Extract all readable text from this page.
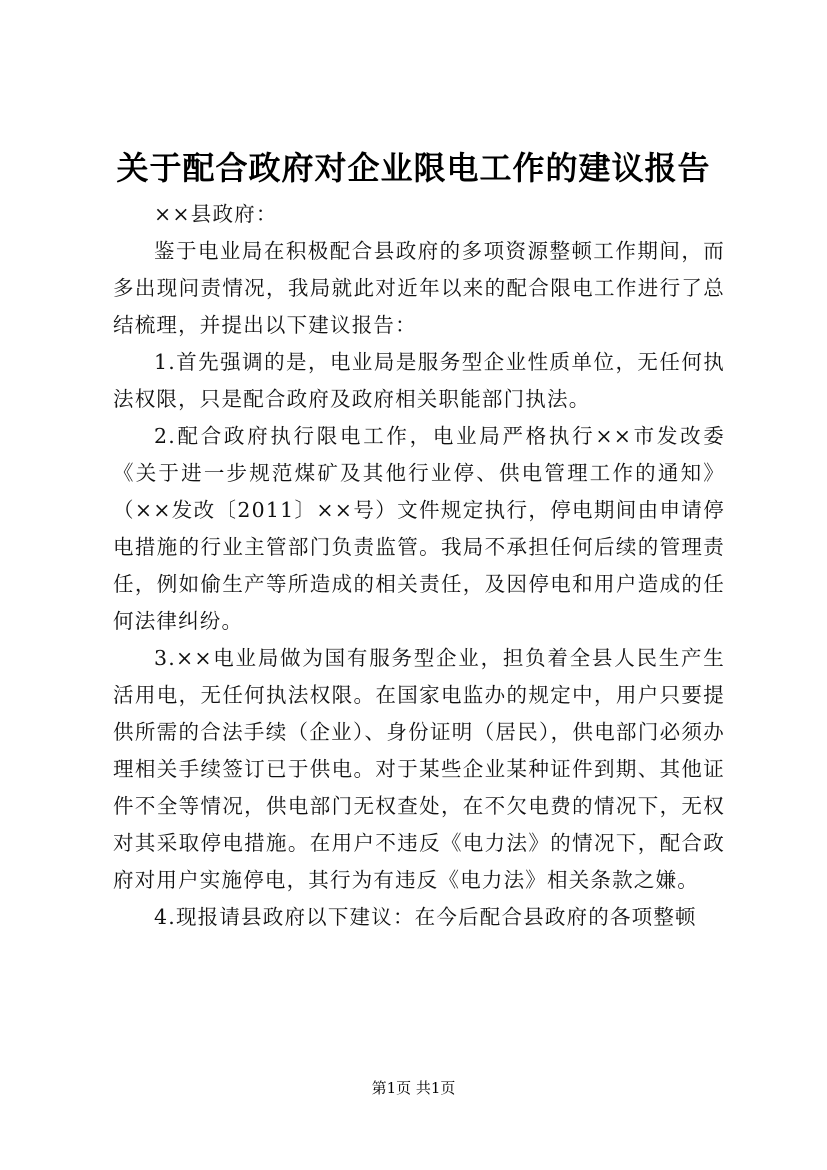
关于配合政府对企业限电工作的建议报告

××县政府：

鉴于电业局在积极配合县政府的多项资源整顿工作期间，而多出现问责情况，我局就此对近年以来的配合限电工作进行了总结梳理，并提出以下建议报告：

1.首先强调的是，电业局是服务型企业性质单位，无任何执法权限，只是配合政府及政府相关职能部门执法。

2.配合政府执行限电工作，电业局严格执行××市发改委《关于进一步规范煤矿及其他行业停、供电管理工作的通知》（××发改〔2011〕××号）文件规定执行，停电期间由申请停电措施的行业主管部门负责监管。我局不承担任何后续的管理责任，例如偷生产等所造成的相关责任，及因停电和用户造成的任何法律纠纷。

3.××电业局做为国有服务型企业，担负着全县人民生产生活用电，无任何执法权限。在国家电监办的规定中，用户只要提供所需的合法手续（企业）、身份证明（居民），供电部门必须办理相关手续签订已于供电。对于某些企业某种证件到期、其他证件不全等情况，供电部门无权查处，在不欠电费的情况下，无权对其采取停电措施。在用户不违反《电力法》的情况下，配合政府对用户实施停电，其行为有违反《电力法》相关条款之嫌。

4.现报请县政府以下建议：在今后配合县政府的各项整顿

第1页 共1页
